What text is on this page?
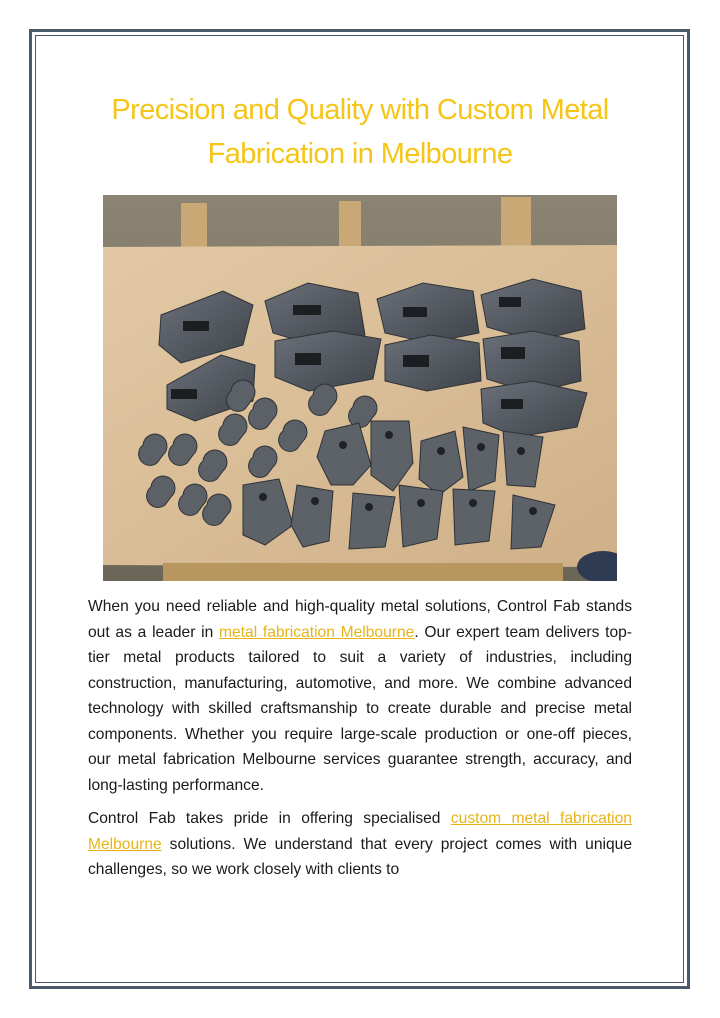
Precision and Quality with Custom Metal
Fabrication in Melbourne

When you need reliable and high-quality metal solutions, Control Fab stands out as a leader in metal fabrication Melbourne. Our expert team delivers top-tier metal products tailored to suit a variety of industries, including construction, manufacturing, automotive, and more. We combine advanced technology with skilled craftsmanship to create durable and precise metal components. Whether you require large-scale production or one-off pieces, our metal fabrication Melbourne services guarantee strength, accuracy, and long-lasting performance.

Control Fab takes pride in offering specialised custom metal fabrication Melbourne solutions. We understand that every project comes with unique challenges, so we work closely with clients to
